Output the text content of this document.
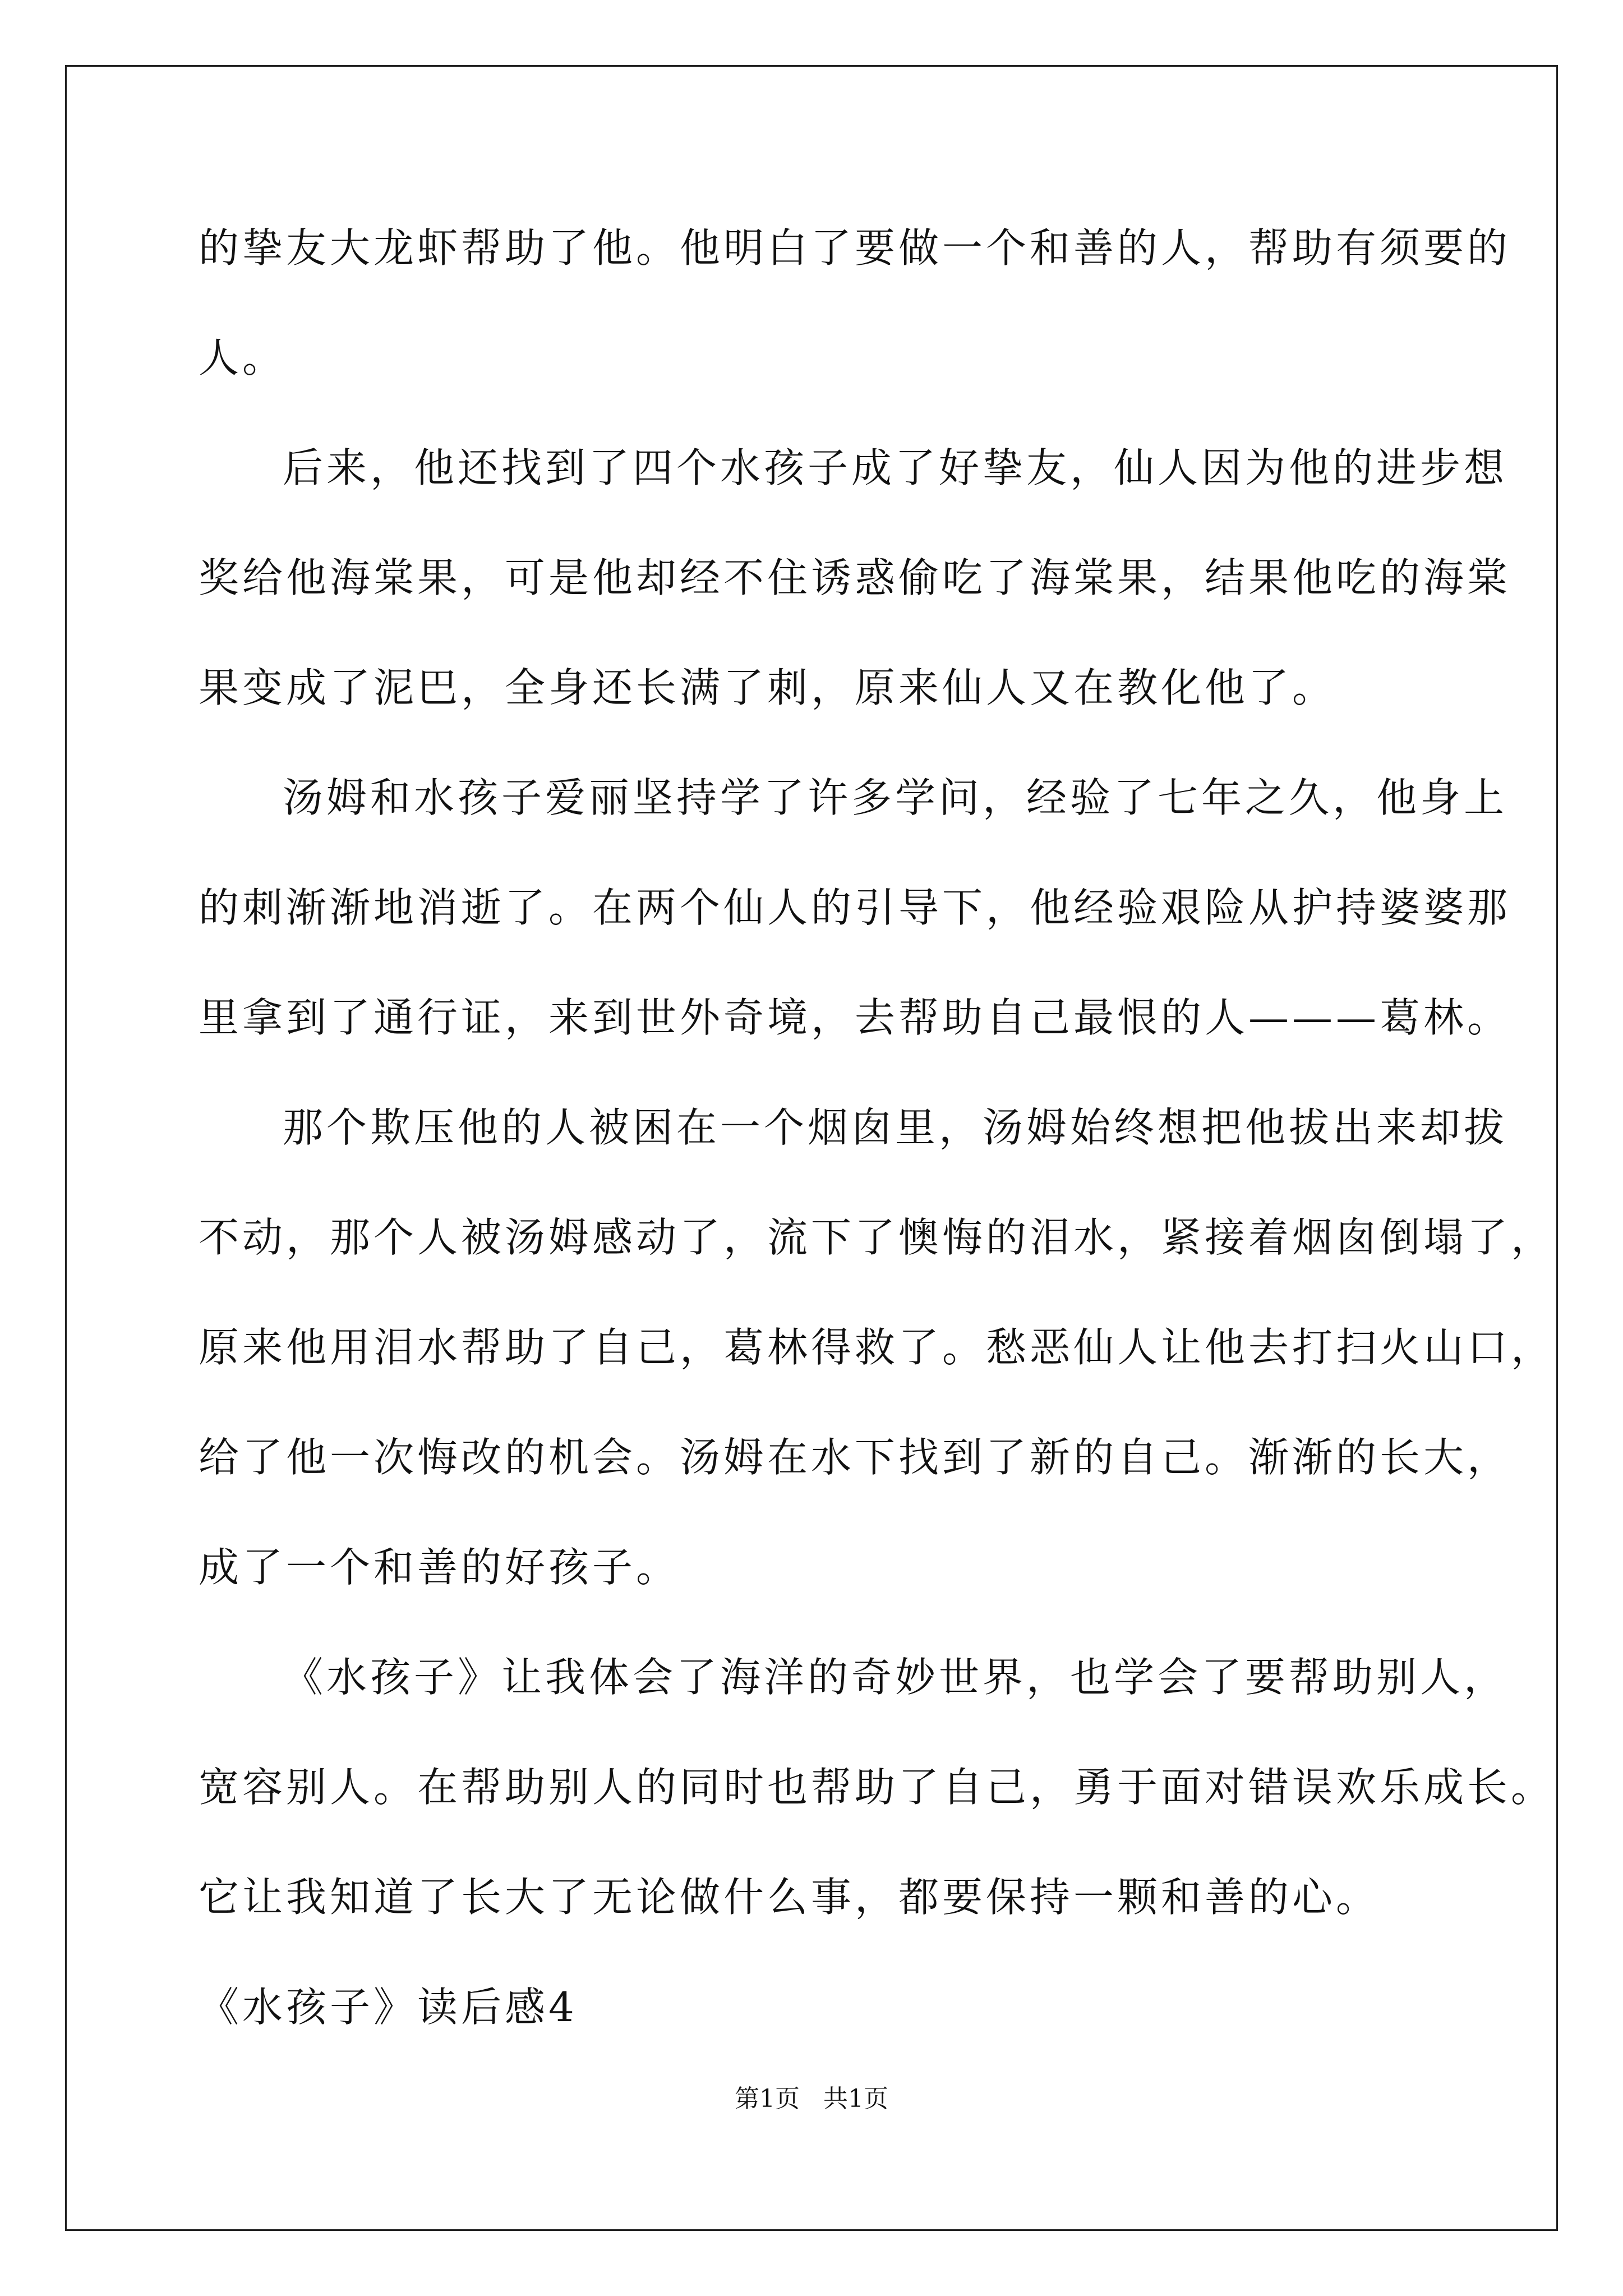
的挚友大龙虾帮助了他。他明白了要做一个和善的人，帮助有须要的
人。
后来，他还找到了四个水孩子成了好挚友，仙人因为他的进步想
奖给他海棠果，可是他却经不住诱惑偷吃了海棠果，结果他吃的海棠
果变成了泥巴，全身还长满了刺，原来仙人又在教化他了。
汤姆和水孩子爱丽坚持学了许多学问，经验了七年之久，他身上
的刺渐渐地消逝了。在两个仙人的引导下，他经验艰险从护持婆婆那
里拿到了通行证，来到世外奇境，去帮助自己最恨的人———葛林。
那个欺压他的人被困在一个烟囱里，汤姆始终想把他拔出来却拔
不动，那个人被汤姆感动了，流下了懊悔的泪水，紧接着烟囱倒塌了，
原来他用泪水帮助了自己，葛林得救了。愁恶仙人让他去打扫火山口，
给了他一次悔改的机会。汤姆在水下找到了新的自己。渐渐的长大，
成了一个和善的好孩子。
《水孩子》让我体会了海洋的奇妙世界，也学会了要帮助别人，
宽容别人。在帮助别人的同时也帮助了自己，勇于面对错误欢乐成长。
它让我知道了长大了无论做什么事，都要保持一颗和善的心。
《水孩子》读后感4
第1页   共1页
